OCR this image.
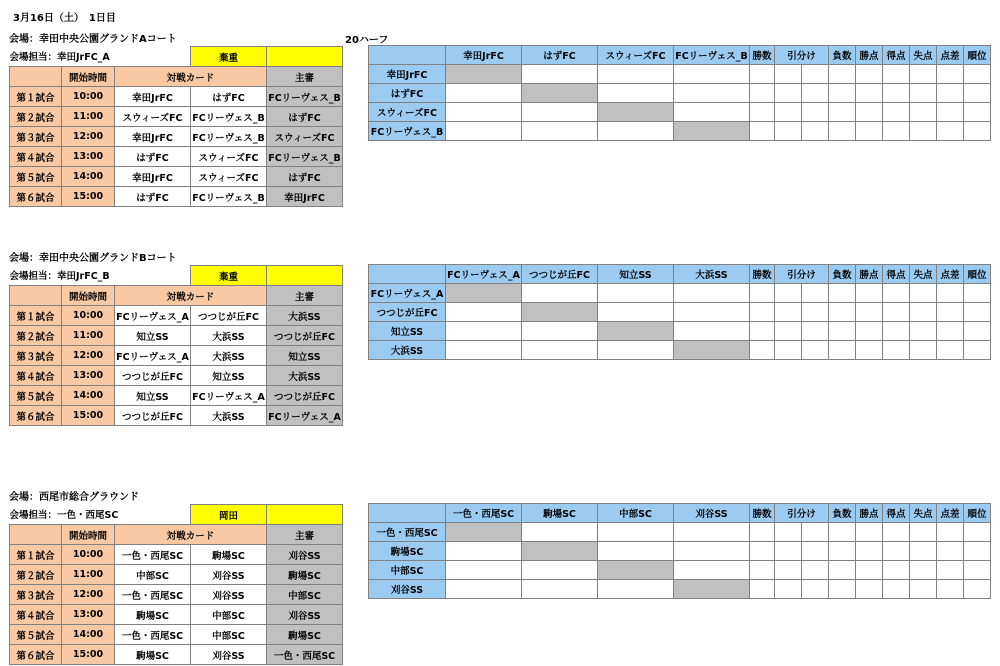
3月16日（土）　1日目
20ハーフ
会場：幸田中央公園グランドAコート
会場担当：幸田JrFC_A			棄重	
	開始時間	対戦カード		主審
第１試合	10:00	幸田JrFC	はずFC	FCリーヴェス_B
第２試合	11:00	スウィーズFC	FCリーヴェス_B	はずFC
第３試合	12:00	幸田JrFC	FCリーヴェス_B	スウィーズFC
第４試合	13:00	はずFC	スウィーズFC	FCリーヴェス_B
第５試合	14:00	幸田JrFC	スウィーズFC	はずFC
第６試合	15:00	はずFC	FCリーヴェス_B	幸田JrFC
	幸田JrFC	はずFC	スウィーズFC	FCリーヴェス_B	勝数	引分け		負数	勝点	得点	失点	点差	順位
幸田JrFC													
はずFC													
スウィーズFC													
FCリーヴェス_B													
会場：幸田中央公園グランドBコート
会場担当：幸田JrFC_B			棄重	
	開始時間	対戦カード		主審
第１試合	10:00	FCリーヴェス_A	つつじが丘FC	大浜SS
第２試合	11:00	知立SS	大浜SS	つつじが丘FC
第３試合	12:00	FCリーヴェス_A	大浜SS	知立SS
第４試合	13:00	つつじが丘FC	知立SS	大浜SS
第５試合	14:00	知立SS	FCリーヴェス_A	つつじが丘FC
第６試合	15:00	つつじが丘FC	大浜SS	FCリーヴェス_A
	FCリーヴェス_A	つつじが丘FC	知立SS	大浜SS	勝数	引分け		負数	勝点	得点	失点	点差	順位
FCリーヴェス_A													
つつじが丘FC													
知立SS													
大浜SS													
会場：西尾市総合グラウンド
会場担当：一色・西尾SC			岡田	
	開始時間	対戦カード		主審
第１試合	10:00	一色・西尾SC	駒場SC	刈谷SS
第２試合	11:00	中部SC	刈谷SS	駒場SC
第３試合	12:00	一色・西尾SC	刈谷SS	中部SC
第４試合	13:00	駒場SC	中部SC	刈谷SS
第５試合	14:00	一色・西尾SC	中部SC	駒場SC
第６試合	15:00	駒場SC	刈谷SS	一色・西尾SC
	一色・西尾SC	駒場SC	中部SC	刈谷SS	勝数	引分け		負数	勝点	得点	失点	点差	順位
一色・西尾SC													
駒場SC													
中部SC													
刈谷SS													
